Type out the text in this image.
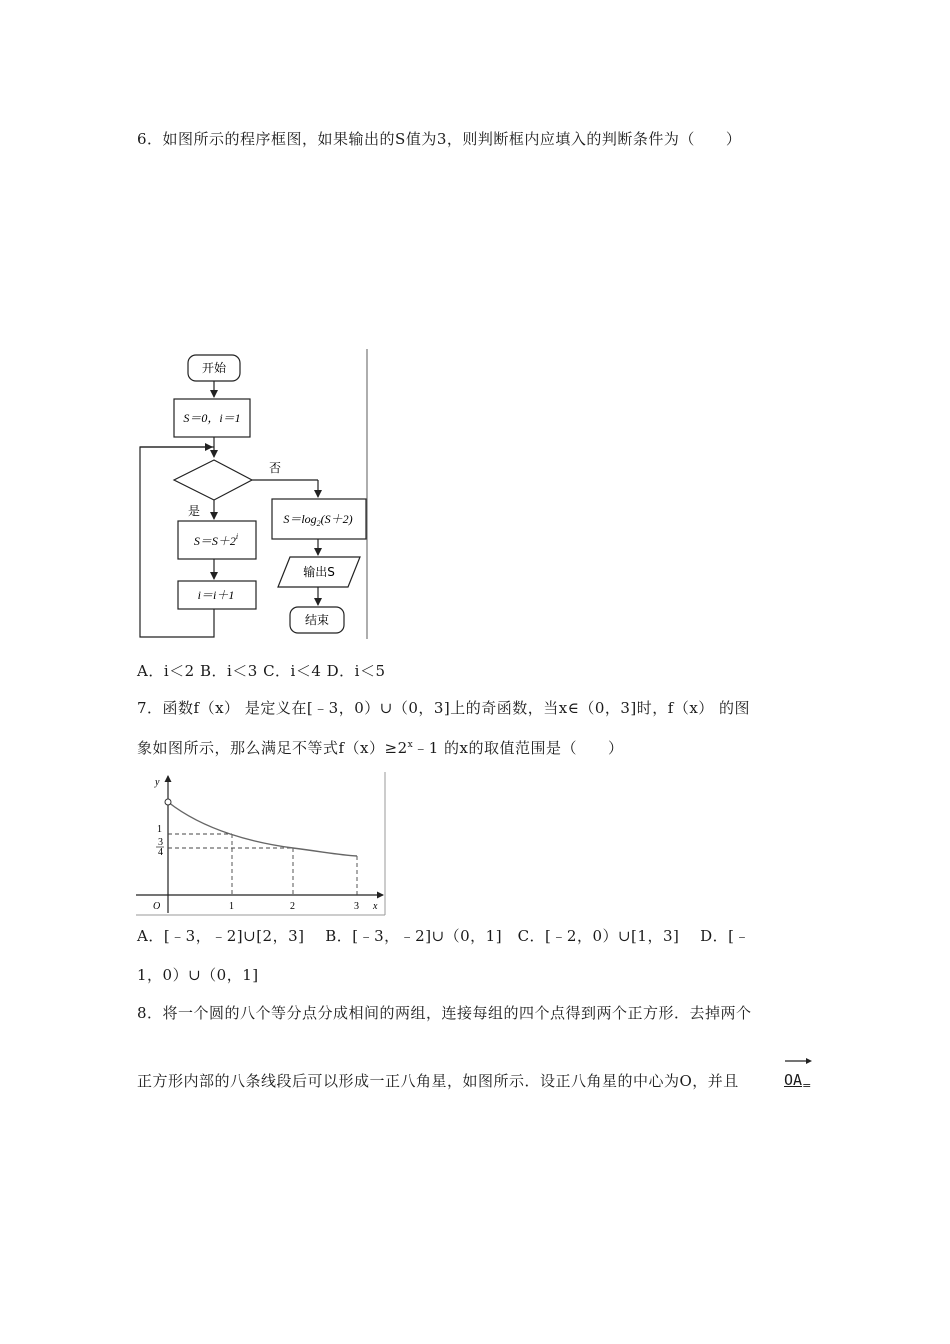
6．如图所示的程序框图，如果输出的S值为3，则判断框内应填入的判断条件为（　　）
开始
S＝0，i＝1
否
是
$S=\log_2(S+2)$
$S=S+2^i$
i＝i＋1
输出S
结束
A．i＜2 B．i＜3 C．i＜4 D．i＜5
7．函数f（x） 是定义在[﹣3，0）∪（0，3]上的奇函数，当x∈（0，3]时，f（x） 的图
象如图所示，那么满足不等式$f(x)\ge 2^x﹣1$ 的x的取值范围是（　　）
y
x
O	1	2	3
1
3
4
A．[﹣3，﹣2]∪[2，3]　 B．[﹣3，﹣2]∪（0，1]　C．[﹣2，0）∪[1，3]　 D．[﹣
1，0）∪（0，1]
8．将一个圆的八个等分点分成相间的两组，连接每组的四个点得到两个正方形．去掉两个
正方形内部的八条线段后可以形成一正八角星，如图所示．设正八角星的中心为O，并且	$OA_=$
